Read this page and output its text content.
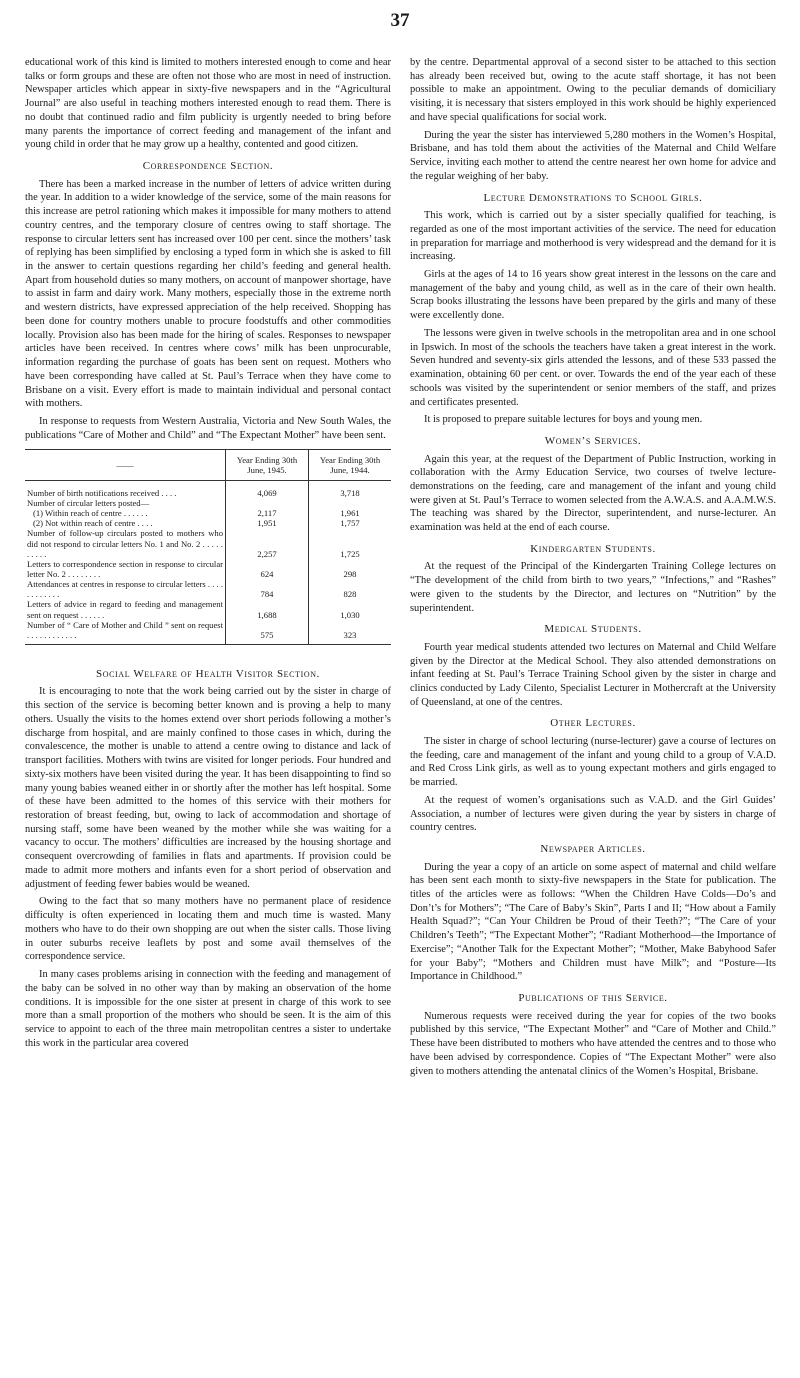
37

educational work of this kind is limited to mothers interested enough to come and hear talks or form groups and these are often not those who are most in need of instruction. Newspaper articles which appear in sixty-five newspapers and in the “Agricultural Journal” are also useful in teaching mothers interested enough to read them. There is no doubt that continued radio and film publicity is urgently needed to bring before many parents the importance of correct feeding and management of the infant and young child in order that he may grow up a healthy, contented and good citizen.

Correspondence Section.

There has been a marked increase in the number of letters of advice written during the year. In addition to a wider knowledge of the service, some of the main reasons for this increase are petrol rationing which makes it impossible for many mothers to attend country centres, and the temporary closure of centres owing to staff shortage. The response to circular letters sent has increased over 100 per cent. since the mothers’ task of replying has been simplified by enclosing a typed form in which she is asked to fill in the answer to certain questions regarding her child’s feeding and general health. Apart from household duties so many mothers, on account of manpower shortage, have to assist in farm and dairy work. Many mothers, especially those in the extreme north and western districts, have expressed appreciation of the help received. Shopping has been done for country mothers unable to procure foodstuffs and other commodities locally. Provision also has been made for the hiring of scales. Responses to newspaper articles have been received. In centres where cows’ milk has been unprocurable, information regarding the purchase of goats has been sent on request. Mothers who have been corresponding have called at St. Paul’s Terrace when they have come to Brisbane on a visit. Every effort is made to maintain individual and personal contact with mothers.

In response to requests from Western Australia, Victoria and New South Wales, the publications “Care of Mother and Child” and “The Expectant Mother” have been sent.

——	Year Ending 30th June, 1945.	Year Ending 30th June, 1944.
Number of birth notifications received . . . .	4,069	3,718
Number of circular letters posted—		
(1) Within reach of centre . . . . . .	2,117	1,961
(2) Not within reach of centre . . . .	1,951	1,757
Number of follow-up circulars posted to mothers who did not respond to circular letters No. 1 and No. 2 . . . . . . . . . .	2,257	1,725
Letters to correspondence section in response to circular letter No. 2 . . . . . . . .	624	298
Attendances at centres in response to circular letters . . . . . . . . . . . .	784	828
Letters of advice in regard to feeding and management sent on request . . . . . .	1,688	1,030
Number of “ Care of Mother and Child ” sent on request . . . . . . . . . . . .	575	323
Social Welfare of Health Visitor Section.

It is encouraging to note that the work being carried out by the sister in charge of this section of the service is becoming better known and is proving a help to many others. Usually the visits to the homes extend over short periods following a mother’s discharge from hospital, and are mainly confined to those cases in which, during the convalescence, the mother is unable to attend a centre owing to distance and lack of transport facilities. Mothers with twins are visited for longer periods. Four hundred and sixty-six mothers have been visited during the year. It has been disappointing to find so many young babies weaned either in or shortly after the mother has left hospital. Some of these have been admitted to the homes of this service with their mothers for restoration of breast feeding, but, owing to lack of accommodation and shortage of nursing staff, some have been weaned by the mother while she was waiting for a vacancy to occur. The mothers’ difficulties are increased by the housing shortage and consequent overcrowding of families in flats and apartments. If provision could be made to admit more mothers and infants even for a short period of observation and adjustment of feeding fewer babies would be weaned.

Owing to the fact that so many mothers have no permanent place of residence difficulty is often experienced in locating them and much time is wasted. Many mothers who have to do their own shopping are out when the sister calls. Those living in outer suburbs receive leaflets by post and some avail themselves of the correspondence service.

In many cases problems arising in connection with the feeding and management of the baby can be solved in no other way than by making an observation of the home conditions. It is impossible for the one sister at present in charge of this work to see more than a small proportion of the mothers who should be seen. It is the aim of this service to appoint to each of the three main metropolitan centres a sister to undertake this work in the particular area covered

by the centre. Departmental approval of a second sister to be attached to this section has already been received but, owing to the acute staff shortage, it has not been possible to make an appointment. Owing to the peculiar demands of domiciliary visiting, it is necessary that sisters employed in this work should be highly experienced and have special qualifications for social work.

During the year the sister has interviewed 5,280 mothers in the Women’s Hospital, Brisbane, and has told them about the activities of the Maternal and Child Welfare Service, inviting each mother to attend the centre nearest her own home for advice and the regular weighing of her baby.

Lecture Demonstrations to School Girls.

This work, which is carried out by a sister specially qualified for teaching, is regarded as one of the most important activities of the service. The need for education in preparation for marriage and motherhood is very widespread and the demand for it is increasing.

Girls at the ages of 14 to 16 years show great interest in the lessons on the care and management of the baby and young child, as well as in the care of their own health. Scrap books illustrating the lessons have been prepared by the girls and many of these were excellently done.

The lessons were given in twelve schools in the metropolitan area and in one school in Ipswich. In most of the schools the teachers have taken a great interest in the work. Seven hundred and seventy-six girls attended the lessons, and of these 533 passed the examination, obtaining 60 per cent. or over. Towards the end of the year each of these schools was visited by the superintendent or senior members of the staff, and prizes and certificates presented.

It is proposed to prepare suitable lectures for boys and young men.

Women’s Services.

Again this year, at the request of the Department of Public Instruction, working in collaboration with the Army Education Service, two courses of twelve lecture-demonstrations on the feeding, care and management of the infant and young child were given at St. Paul’s Terrace to women selected from the A.W.A.S. and A.A.M.W.S. The teaching was shared by the Director, superintendent, and nurse-lecturer. An examination was held at the end of each course.

Kindergarten Students.

At the request of the Principal of the Kindergarten Training College lectures on “The development of the child from birth to two years,” “Infections,” and “Rashes” were given to the students by the Director, and lectures on “Nutrition” by the superintendent.

Medical Students.

Fourth year medical students attended two lectures on Maternal and Child Welfare given by the Director at the Medical School. They also attended demonstrations on infant feeding at St. Paul’s Terrace Training School given by the sister in charge and clinics conducted by Lady Cilento, Specialist Lecturer in Mothercraft at the University of Queensland, at one of the centres.

Other Lectures.

The sister in charge of school lecturing (nurse-lecturer) gave a course of lectures on the feeding, care and management of the infant and young child to a group of V.A.D. and Red Cross Link girls, as well as to young expectant mothers and girls engaged to be married.

At the request of women’s organisations such as V.A.D. and the Girl Guides’ Association, a number of lectures were given during the year by sisters in charge of country centres.

Newspaper Articles.

During the year a copy of an article on some aspect of maternal and child welfare has been sent each month to sixty-five newspapers in the State for publication. The titles of the articles were as follows: “When the Children Have Colds—Do’s and Don’t’s for Mothers”; “The Care of Baby’s Skin”, Parts I and II; “How about a Family Health Squad?”; “Can Your Children be Proud of their Teeth?”; “The Care of your Children’s Teeth”; “The Expectant Mother”; “Radiant Motherhood—the Importance of Exercise”; “Another Talk for the Expectant Mother”; “Mother, Make Babyhood Safer for your Baby”; “Mothers and Children must have Milk”; and “Posture—Its Importance in Childhood.”

Publications of this Service.

Numerous requests were received during the year for copies of the two books published by this service, “The Expectant Mother” and “Care of Mother and Child.” These have been distributed to mothers who have attended the centres and to those who have been advised by correspondence. Copies of “The Expectant Mother” were also given to mothers attending the antenatal clinics of the Women’s Hospital, Brisbane.
